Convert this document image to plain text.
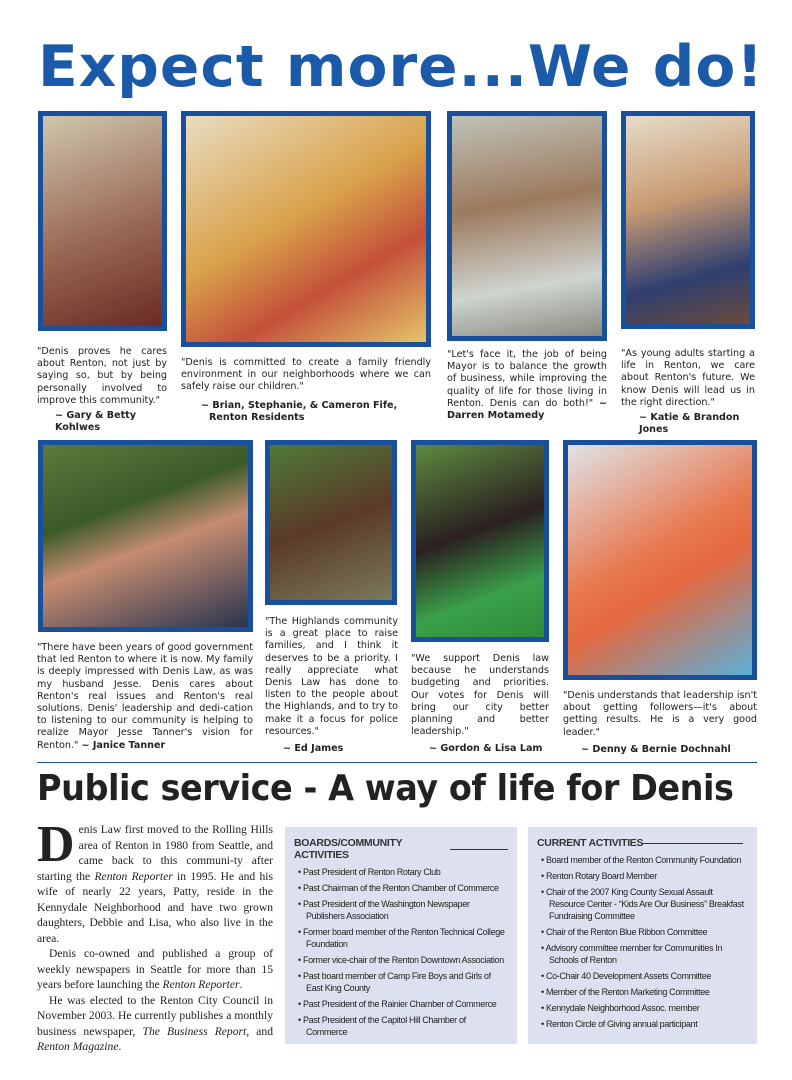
Expect more...We do!
"Denis proves he cares about Renton, not just by saying so, but by being personally involved to improve this community."
~ Gary & Betty Kohlwes
"Denis is committed to create a family friendly environment in our neighborhoods where we can safely raise our children."
~ Brian, Stephanie, & Cameron Fife,
Renton Residents
"Let's face it, the job of being Mayor is to balance the growth of business, while improving the quality of life for those living in Renton. Denis can do both!" ~ Darren Motamedy
"As young adults starting a life in Renton, we care about Renton's future. We know Denis will lead us in the right direction."
~ Katie & Brandon Jones
"There have been years of good government that led Renton to where it is now. My family is deeply impressed with Denis Law, as was my husband Jesse. Denis cares about Renton's real issues and Renton's real solutions. Denis' leadership and dedi-cation to listening to our community is helping to realize Mayor Jesse Tanner's vision for Renton." ~ Janice Tanner
"The Highlands community is a great place to raise families, and I think it deserves to be a priority. I really appreciate what Denis Law has done to listen to the people about the Highlands, and to try to make it a focus for police resources."
~ Ed James
"We support Denis law because he understands budgeting and priorities. Our votes for Denis will bring our city better planning and better leadership."
~ Gordon & Lisa Lam
"Denis understands that leadership isn't about getting followers—it's about getting results. He is a very good leader."
~ Denny & Bernie Dochnahl
Public service - A way of life for Denis

Denis Law first moved to the Rolling Hills area of Renton in 1980 from Seattle, and came back to this communi-ty after starting the Renton Reporter in 1995. He and his wife of nearly 22 years, Patty, reside in the Kennydale Neighborhood and have two grown daughters, Debbie and Lisa, who also live in the area.

Denis co-owned and published a group of weekly newspapers in Seattle for more than 15 years before launching the Renton Reporter.

He was elected to the Renton City Council in November 2003. He currently publishes a monthly business newspaper, The Business Report, and Renton Magazine.

BOARDS/COMMUNITY ACTIVITIES
• Past President of Renton Rotary Club
• Past Chairman of the Renton Chamber of Commerce
• Past President of the Washington Newspaper Publishers Association
• Former board member of the Renton Technical College Foundation
• Former vice-chair of the Renton Downtown Association
• Past board member of Camp Fire Boys and Girls of East King County
• Past President of the Rainier Chamber of Commerce
• Past President of the Capitol Hill Chamber of Commerce
CURRENT ACTIVITIES
• Board member of the Renton Community Foundation
• Renton Rotary Board Member
• Chair of the 2007 King County Sexual Assault Resource Center - “Kids Are Our Business” Breakfast Fundraising Committee
• Chair of the Renton Blue Ribbon Committee
• Advisory committee member for Communities In Schools of Renton
• Co-Chair 40 Development Assets Committee
• Member of the Renton Marketing Committee
• Kennydale Neighborhood Assoc. member
• Renton Circle of Giving annual participant
